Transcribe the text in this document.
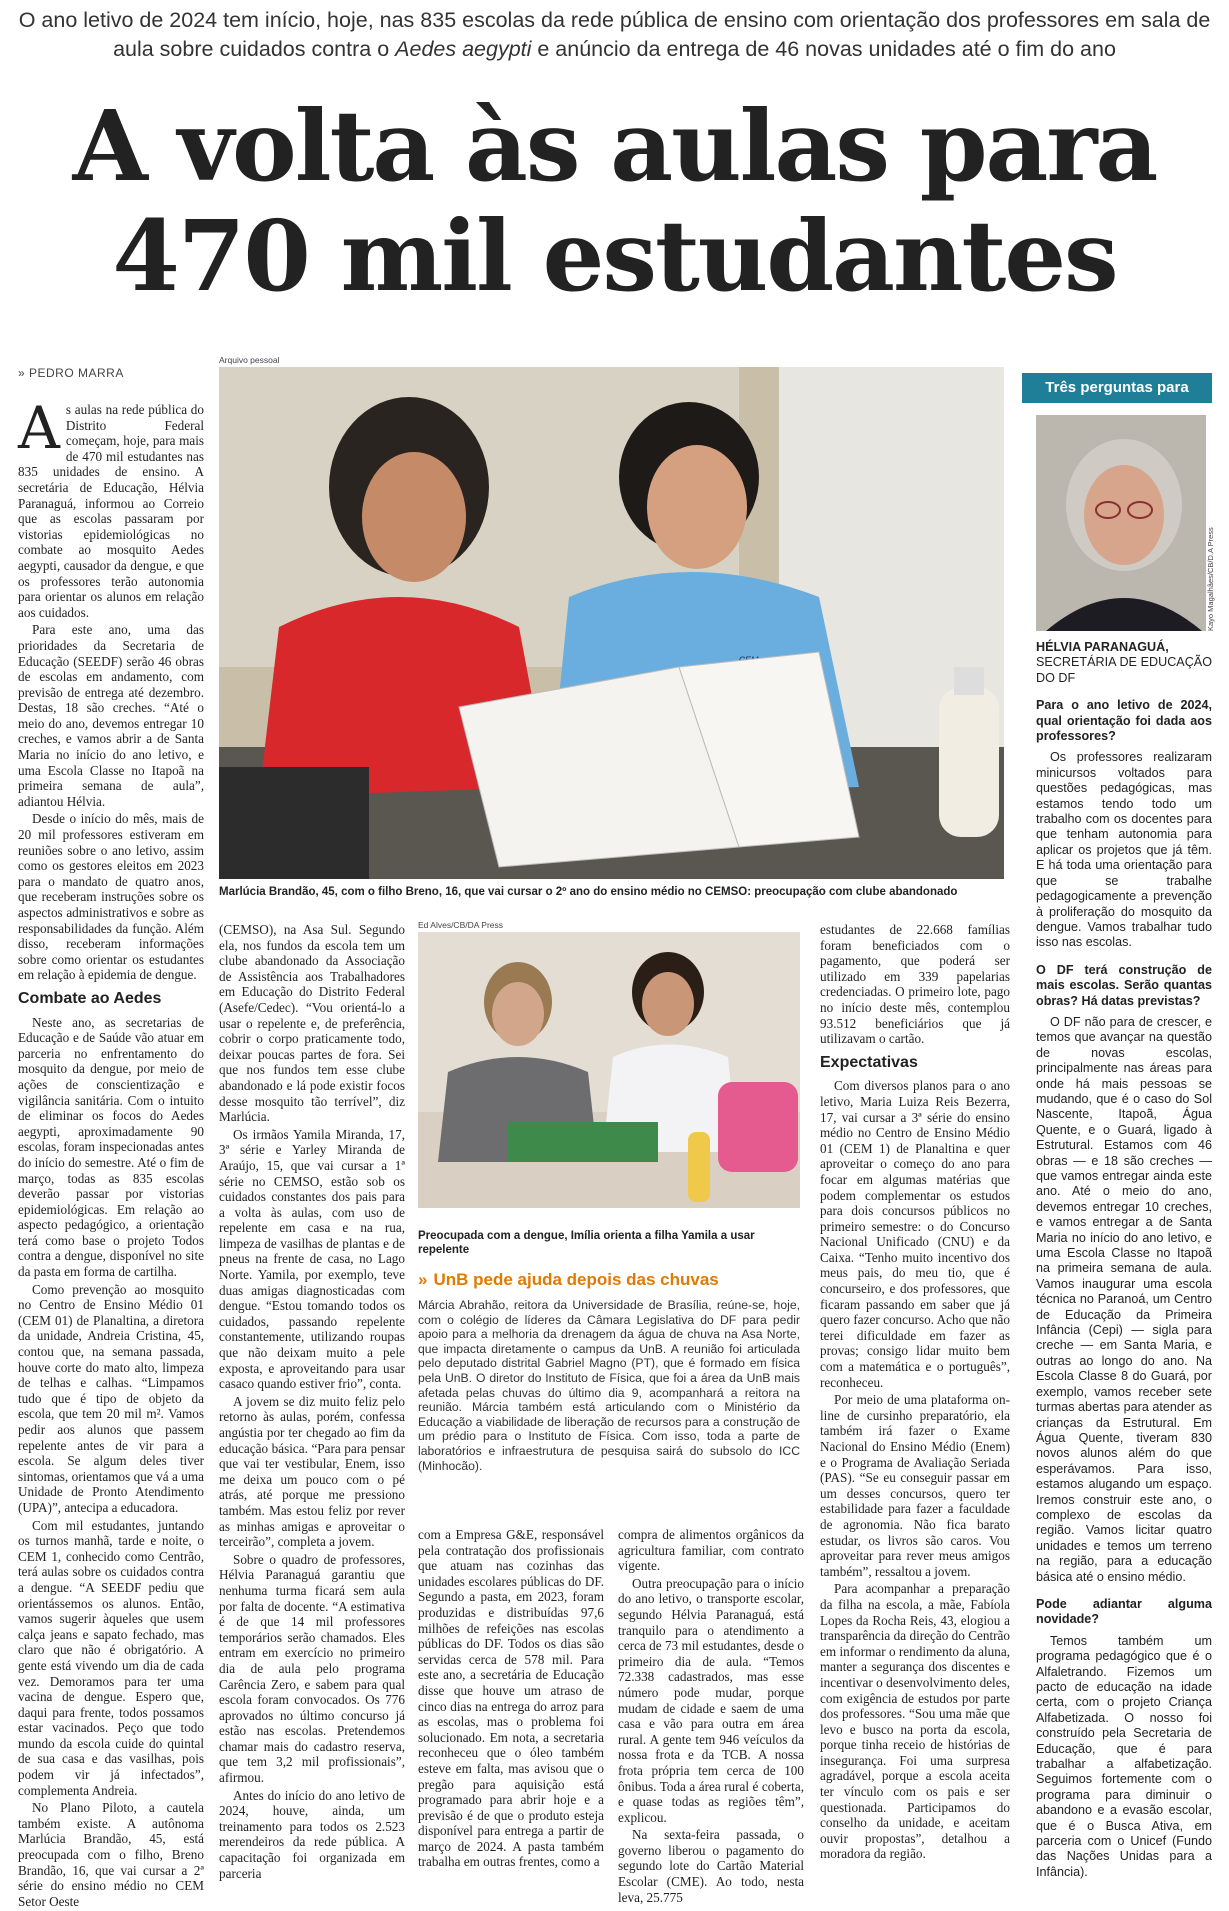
O ano letivo de 2024 tem início, hoje, nas 835 escolas da rede pública de ensino com orientação dos professores em sala de aula sobre cuidados contra o Aedes aegypti e anúncio da entrega de 46 novas unidades até o fim do ano
A volta às aulas para
470 mil estudantes
» PEDRO MARRA

As aulas na rede pública do Distrito Federal começam, hoje, para mais de 470 mil estudantes nas 835 unidades de ensino. A secretária de Educação, Hélvia Paranaguá, informou ao Correio que as escolas passaram por vistorias epidemiológicas no combate ao mosquito Aedes aegypti, causador da dengue, e que os professores terão autonomia para orientar os alunos em relação aos cuidados.

Para este ano, uma das prioridades da Secretaria de Educação (SEEDF) serão 46 obras de escolas em andamento, com previsão de entrega até dezembro. Destas, 18 são creches. “Até o meio do ano, devemos entregar 10 creches, e vamos abrir a de Santa Maria no início do ano letivo, e uma Escola Classe no Itapoã na primeira semana de aula”, adiantou Hélvia.

Desde o início do mês, mais de 20 mil professores estiveram em reuniões sobre o ano letivo, assim como os gestores eleitos em 2023 para o mandato de quatro anos, que receberam instruções sobre os aspectos administrativos e sobre as responsabilidades da função. Além disso, receberam informações sobre como orientar os estudantes em relação à epidemia de dengue.

Combate ao Aedes

Neste ano, as secretarias de Educação e de Saúde vão atuar em parceria no enfrentamento do mosquito da dengue, por meio de ações de conscientização e vigilância sanitária. Com o intuito de eliminar os focos do Aedes aegypti, aproximadamente 90 escolas, foram inspecionadas antes do início do semestre. Até o fim de março, todas as 835 escolas deverão passar por vistorias epidemiológicas. Em relação ao aspecto pedagógico, a orientação terá como base o projeto Todos contra a dengue, disponível no site da pasta em forma de cartilha.

Como prevenção ao mosquito no Centro de Ensino Médio 01 (CEM 01) de Planaltina, a diretora da unidade, Andreia Cristina, 45, contou que, na semana passada, houve corte do mato alto, limpeza de telhas e calhas. “Limpamos tudo que é tipo de objeto da escola, que tem 20 mil m². Vamos pedir aos alunos que passem repelente antes de vir para a escola. Se algum deles tiver sintomas, orientamos que vá a uma Unidade de Pronto Atendimento (UPA)”, antecipa a educadora.

Com mil estudantes, juntando os turnos manhã, tarde e noite, o CEM 1, conhecido como Centrão, terá aulas sobre os cuidados contra a dengue. “A SEEDF pediu que orientássemos os alunos. Então, vamos sugerir àqueles que usem calça jeans e sapato fechado, mas claro que não é obrigatório. A gente está vivendo um dia de cada vez. Demoramos para ter uma vacina de dengue. Espero que, daqui para frente, todos possamos estar vacinados. Peço que todo mundo da escola cuide do quintal de sua casa e das vasilhas, pois podem vir já infectados”, complementa Andreia.

No Plano Piloto, a cautela também existe. A autônoma Marlúcia Brandão, 45, está preocupada com o filho, Breno Brandão, 16, que vai cursar a 2ª série do ensino médio no CEM Setor Oeste

Arquivo pessoal
Marlúcia Brandão, 45, com o filho Breno, 16, que vai cursar o 2º ano do ensino médio no CEMSO: preocupação com clube abandonado
Ed Alves/CB/DA Press
Preocupada com a dengue, Imília orienta a filha Yamila a usar repelente

(CEMSO), na Asa Sul. Segundo ela, nos fundos da escola tem um clube abandonado da Associação de Assistência aos Trabalhadores em Educação do Distrito Federal (Asefe/Cedec). “Vou orientá-lo a usar o repelente e, de preferência, cobrir o corpo praticamente todo, deixar poucas partes de fora. Sei que nos fundos tem esse clube abandonado e lá pode existir focos desse mosquito tão terrível”, diz Marlúcia.

Os irmãos Yamila Miranda, 17, 3ª série e Yarley Miranda de Araújo, 15, que vai cursar a 1ª série no CEMSO, estão sob os cuidados constantes dos pais para a volta às aulas, com uso de repelente em casa e na rua, limpeza de vasilhas de plantas e de pneus na frente de casa, no Lago Norte. Yamila, por exemplo, teve duas amigas diagnosticadas com dengue. “Estou tomando todos os cuidados, passando repelente constantemente, utilizando roupas que não deixam muito a pele exposta, e aproveitando para usar casaco quando estiver frio”, conta.

A jovem se diz muito feliz pelo retorno às aulas, porém, confessa angústia por ter chegado ao fim da educação básica. “Para para pensar que vai ter vestibular, Enem, isso me deixa um pouco com o pé atrás, até porque me pressiono também. Mas estou feliz por rever as minhas amigas e aproveitar o terceirão”, completa a jovem.

Sobre o quadro de professores, Hélvia Paranaguá garantiu que nenhuma turma ficará sem aula por falta de docente. “A estimativa é de que 14 mil professores temporários serão chamados. Eles entram em exercício no primeiro dia de aula pelo programa Carência Zero, e sabem para qual escola foram convocados. Os 776 aprovados no último concurso já estão nas escolas. Pretendemos chamar mais do cadastro reserva, que tem 3,2 mil profissionais”, afirmou.

Antes do início do ano letivo de 2024, houve, ainda, um treinamento para todos os 2.523 merendeiros da rede pública. A capacitação foi organizada em parceria

» UnB pede ajuda depois das chuvas
Márcia Abrahão, reitora da Universidade de Brasília, reúne-se, hoje, com o colégio de líderes da Câmara Legislativa do DF para pedir apoio para a melhoria da drenagem da água de chuva na Asa Norte, que impacta diretamente o campus da UnB. A reunião foi articulada pelo deputado distrital Gabriel Magno (PT), que é formado em física pela UnB. O diretor do Instituto de Física, que foi a área da UnB mais afetada pelas chuvas do último dia 9, acompanhará a reitora na reunião. Márcia também está articulando com o Ministério da Educação a viabilidade de liberação de recursos para a construção de um prédio para o Instituto de Física. Com isso, toda a parte de laboratórios e infraestrutura de pesquisa sairá do subsolo do ICC (Minhocão).

com a Empresa G&E, responsável pela contratação dos profissionais que atuam nas cozinhas das unidades escolares públicas do DF. Segundo a pasta, em 2023, foram produzidas e distribuídas 97,6 milhões de refeições nas escolas públicas do DF. Todos os dias são servidas cerca de 578 mil. Para este ano, a secretária de Educação disse que houve um atraso de cinco dias na entrega do arroz para as escolas, mas o problema foi solucionado. Em nota, a secretaria reconheceu que o óleo também esteve em falta, mas avisou que o pregão para aquisição está programado para abrir hoje e a previsão é de que o produto esteja disponível para entrega a partir de março de 2024. A pasta também trabalha em outras frentes, como a

compra de alimentos orgânicos da agricultura familiar, com contrato vigente.

Outra preocupação para o início do ano letivo, o transporte escolar, segundo Hélvia Paranaguá, está tranquilo para o atendimento a cerca de 73 mil estudantes, desde o primeiro dia de aula. “Temos 72.338 cadastrados, mas esse número pode mudar, porque mudam de cidade e saem de uma casa e vão para outra em área rural. A gente tem 946 veículos da nossa frota e da TCB. A nossa frota própria tem cerca de 100 ônibus. Toda a área rural é coberta, e quase todas as regiões têm”, explicou.

Na sexta-feira passada, o governo liberou o pagamento do segundo lote do Cartão Material Escolar (CME). Ao todo, nesta leva, 25.775

estudantes de 22.668 famílias foram beneficiados com o pagamento, que poderá ser utilizado em 339 papelarias credenciadas. O primeiro lote, pago no início deste mês, contemplou 93.512 beneficiários que já utilizavam o cartão.

Expectativas

Com diversos planos para o ano letivo, Maria Luiza Reis Bezerra, 17, vai cursar a 3ª série do ensino médio no Centro de Ensino Médio 01 (CEM 1) de Planaltina e quer aproveitar o começo do ano para focar em algumas matérias que podem complementar os estudos para dois concursos públicos no primeiro semestre: o do Concurso Nacional Unificado (CNU) e da Caixa. “Tenho muito incentivo dos meus pais, do meu tio, que é concurseiro, e dos professores, que ficaram passando em saber que já quero fazer concurso. Acho que não terei dificuldade em fazer as provas; consigo lidar muito bem com a matemática e o português”, reconheceu.

Por meio de uma plataforma on-line de cursinho preparatório, ela também irá fazer o Exame Nacional do Ensino Médio (Enem) e o Programa de Avaliação Seriada (PAS). “Se eu conseguir passar em um desses concursos, quero ter estabilidade para fazer a faculdade de agronomia. Não fica barato estudar, os livros são caros. Vou aproveitar para rever meus amigos também”, ressaltou a jovem.

Para acompanhar a preparação da filha na escola, a mãe, Fabíola Lopes da Rocha Reis, 43, elogiou a transparência da direção do Centrão em informar o rendimento da aluna, manter a segurança dos discentes e incentivar o desenvolvimento deles, com exigência de estudos por parte dos professores. “Sou uma mãe que levo e busco na porta da escola, porque tinha receio de histórias de insegurança. Foi uma surpresa agradável, porque a escola aceita ter vínculo com os pais e ser questionada. Participamos do conselho da unidade, e aceitam ouvir propostas”, detalhou a moradora da região.

Três perguntas para
Kayo Magalhães/CB/D.A Press
HÉLVIA PARANAGUÁ,
SECRETÁRIA DE EDUCAÇÃO DO DF
Para o ano letivo de 2024, qual orientação foi dada aos professores?

Os professores realizaram minicursos voltados para questões pedagógicas, mas estamos tendo todo um trabalho com os docentes para que tenham autonomia para aplicar os projetos que já têm. E há toda uma orientação para que se trabalhe pedagogicamente a prevenção à proliferação do mosquito da dengue. Vamos trabalhar tudo isso nas escolas.

O DF terá construção de mais escolas. Serão quantas obras? Há datas previstas?

O DF não para de crescer, e temos que avançar na questão de novas escolas, principalmente nas áreas para onde há mais pessoas se mudando, que é o caso do Sol Nascente, Itapoã, Água Quente, e o Guará, ligado à Estrutural. Estamos com 46 obras — e 18 são creches — que vamos entregar ainda este ano. Até o meio do ano, devemos entregar 10 creches, e vamos entregar a de Santa Maria no início do ano letivo, e uma Escola Classe no Itapoã na primeira semana de aula. Vamos inaugurar uma escola técnica no Paranoá, um Centro de Educação da Primeira Infância (Cepi) — sigla para creche — em Santa Maria, e outras ao longo do ano. Na Escola Classe 8 do Guará, por exemplo, vamos receber sete turmas abertas para atender as crianças da Estrutural. Em Água Quente, tiveram 830 novos alunos além do que esperávamos. Para isso, estamos alugando um espaço. Iremos construir este ano, o complexo de escolas da região. Vamos licitar quatro unidades e temos um terreno na região, para a educação básica até o ensino médio.

Pode adiantar alguma novidade?

Temos também um programa pedagógico que é o Alfaletrando. Fizemos um pacto de educação na idade certa, com o projeto Criança Alfabetizada. O nosso foi construído pela Secretaria de Educação, que é para trabalhar a alfabetização. Seguimos fortemente com o programa para diminuir o abandono e a evasão escolar, que é o Busca Ativa, em parceria com o Unicef (Fundo das Nações Unidas para a Infância).
